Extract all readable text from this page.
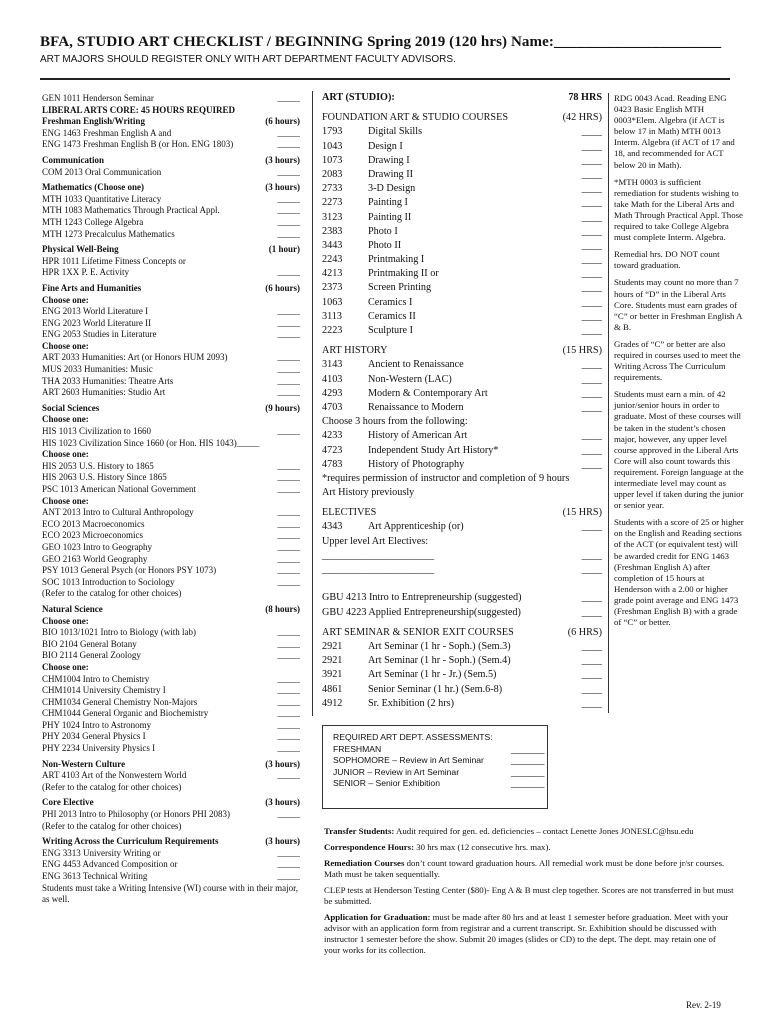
BFA, STUDIO ART CHECKLIST / BEGINNING Spring 2019 (120 hrs) Name:______________________
ART MAJORS SHOULD REGISTER ONLY WITH ART DEPARTMENT FACULTY ADVISORS.
GEN 1011 Henderson Seminar	_____
LIBERAL ARTS CORE: 45 HOURS REQUIRED
Freshman English/Writing	(6 hours)
ENG 1463 Freshman English A and	_____
ENG 1473 Freshman English B (or Hon. ENG 1803)	_____
Communication	(3 hours)
COM 2013 Oral Communication	_____
Mathematics (Choose one)	(3 hours)
MTH 1033 Quantitative Literacy	_____
MTH 1083 Mathematics Through Practical Appl.	_____
MTH 1243 College Algebra	_____
MTH 1273 Precalculus Mathematics	_____
Physical Well-Being	(1 hour)
HPR 1011 Lifetime Fitness Concepts or
HPR 1XX P. E. Activity	_____
Fine Arts and Humanities	(6 hours)
Choose one:
ENG 2013 World Literature I	_____
ENG 2023 World Literature II	_____
ENG 2053 Studies in Literature	_____
Choose one:
ART 2033 Humanities: Art (or Honors HUM 2093)	_____
MUS 2033 Humanities: Music	_____
THA 2033 Humanities: Theatre Arts	_____
ART 2603 Humanities: Studio Art	_____
Social Sciences	(9 hours)
Choose one:
HIS 1013 Civilization to 1660	_____
HIS 1023 Civilization Since 1660 (or Hon. HIS 1043)_____
Choose one:
HIS 2053 U.S. History to 1865	_____
HIS 2063 U.S. History Since 1865	_____
PSC 1013 American National Government	_____
Choose one:
ANT 2013 Intro to Cultural Anthropology	_____
ECO 2013 Macroeconomics	_____
ECO 2023 Microeconomics	_____
GEO 1023 Intro to Geography	_____
GEO 2163 World Geography	_____
PSY 1013 General Psych (or Honors PSY 1073)	_____
SOC 1013 Introduction to Sociology	_____
(Refer to the catalog for other choices)
Natural Science	(8 hours)
Choose one:
BIO 1013/1021 Intro to Biology (with lab)	_____
BIO 2104 General Botany	_____
BIO 2114 General Zoology	_____
Choose one:
CHM1004 Intro to Chemistry	_____
CHM1014 University Chemistry I	_____
CHM1034 General Chemistry Non-Majors	_____
CHM1044 General Organic and Biochemistry	_____
PHY 1024 Intro to Astronomy	_____
PHY 2034 General Physics I	_____
PHY 2234 University Physics I	_____
Non-Western Culture	(3 hours)
ART 4103 Art of the Nonwestern World	_____
(Refer to the catalog for other choices)
Core Elective	(3 hours)
PHI 2013 Intro to Philosophy (or Honors PHI 2083)	_____
(Refer to the catalog for other choices)
Writing Across the Curriculum Requirements	(3 hours)
ENG 3313 University Writing or	_____
ENG 4453 Advanced Composition or	_____
ENG 3613 Technical Writing	_____
Students must take a Writing Intensive (WI) course with in their major, as well.
ART (STUDIO):	78 HRS
FOUNDATION ART & STUDIO COURSES	(42 HRS)
1793	Digital Skills	____
1043	Design I	____
1073	Drawing I	____
2083	Drawing II	____
2733	3-D Design	____
2273	Painting I	____
3123	Painting II	____
2383	Photo I	____
3443	Photo II	____
2243	Printmaking I	____
4213	Printmaking II or	____
2373	Screen Printing	____
1063	Ceramics I	____
3113	Ceramics II	____
2223	Sculpture I	____
ART HISTORY	(15 HRS)
3143	Ancient to Renaissance	____
4103	Non-Western (LAC)	____
4293	Modern & Contemporary Art	____
4703	Renaissance to Modern	____
Choose 3 hours from the following:
4233	History of American Art	____
4723	Independent Study Art History*	____
4783	History of Photography	____
*requires permission of instructor and completion of 9 hours
Art History previously
ELECTIVES	(15 HRS)
4343	Art Apprenticeship (or)	____
Upper level Art Electives:
______________________	____
______________________	____
GBU 4213 Intro to Entrepreneurship (suggested)	____
GBU 4223 Applied Entrepreneurship(suggested)	____
ART SEMINAR & SENIOR EXIT COURSES	(6 HRS)
2921	Art Seminar (1 hr - Soph.) (Sem.3)	____
2921	Art Seminar (1 hr - Soph.) (Sem.4)	____
3921	Art Seminar (1 hr - Jr.) (Sem.5)	____
4861	Senior Seminar (1 hr.) (Sem.6-8)	____
4912	Sr. Exhibition (2 hrs)	____

RDG 0043 Acad. Reading ENG 0423 Basic English MTH 0003*Elem. Algebra (if ACT is below 17 in Math) MTH 0013 Interm. Algebra (if ACT of 17 and 18, and recommended for ACT below 20 in Math).

*MTH 0003 is sufficient remediation for students wishing to take Math for the Liberal Arts and Math Through Practical Appl. Those required to take College Algebra must complete Interm. Algebra.

Remedial hrs. DO NOT count toward graduation.

Students may count no more than 7 hours of “D” in the Liberal Arts Core. Students must earn grades of “C” or better in Freshman English A & B.

Grades of “C” or better are also required in courses used to meet the Writing Across The Curriculum requirements.

Students must earn a min. of 42 junior/senior hours in order to graduate. Most of these courses will be taken in the student’s chosen major, however, any upper level course approved in the Liberal Arts Core will also count towards this requirement. Foreign language at the intermediate level may count as upper level if taken during the junior or senior year.

Students with a score of 25 or higher on the English and Reading sections of the ACT (or equivalent test) will be awarded credit for ENG 1463 (Freshman English A) after completion of 15 hours at Henderson with a 2.00 or higher grade point average and ENG 1473 (Freshman English B) with a grade of “C” or better.

REQUIRED ART DEPT. ASSESSMENTS:
FRESHMAN	_______
SOPHOMORE – Review in Art Seminar	_______
JUNIOR – Review in Art Seminar	_______
SENIOR – Senior Exhibition	_______

Transfer Students: Audit required for gen. ed. deficiencies – contact Lenette Jones JONESLC@hsu.edu

Correspondence Hours: 30 hrs max (12 consecutive hrs. max).

Remediation Courses don’t count toward graduation hours. All remedial work must be done before jr/sr courses. Math must be taken sequentially.

CLEP tests at Henderson Testing Center ($80)- Eng A & B must clep together. Scores are not transferred in but must be submitted.

Application for Graduation: must be made after 80 hrs and at least 1 semester before graduation. Meet with your advisor with an application form from registrar and a current transcript. Sr. Exhibition should be discussed with instructor 1 semester before the show. Submit 20 images (slides or CD) to the dept. The dept. may retain one of your works for its collection.

Rev. 2-19
